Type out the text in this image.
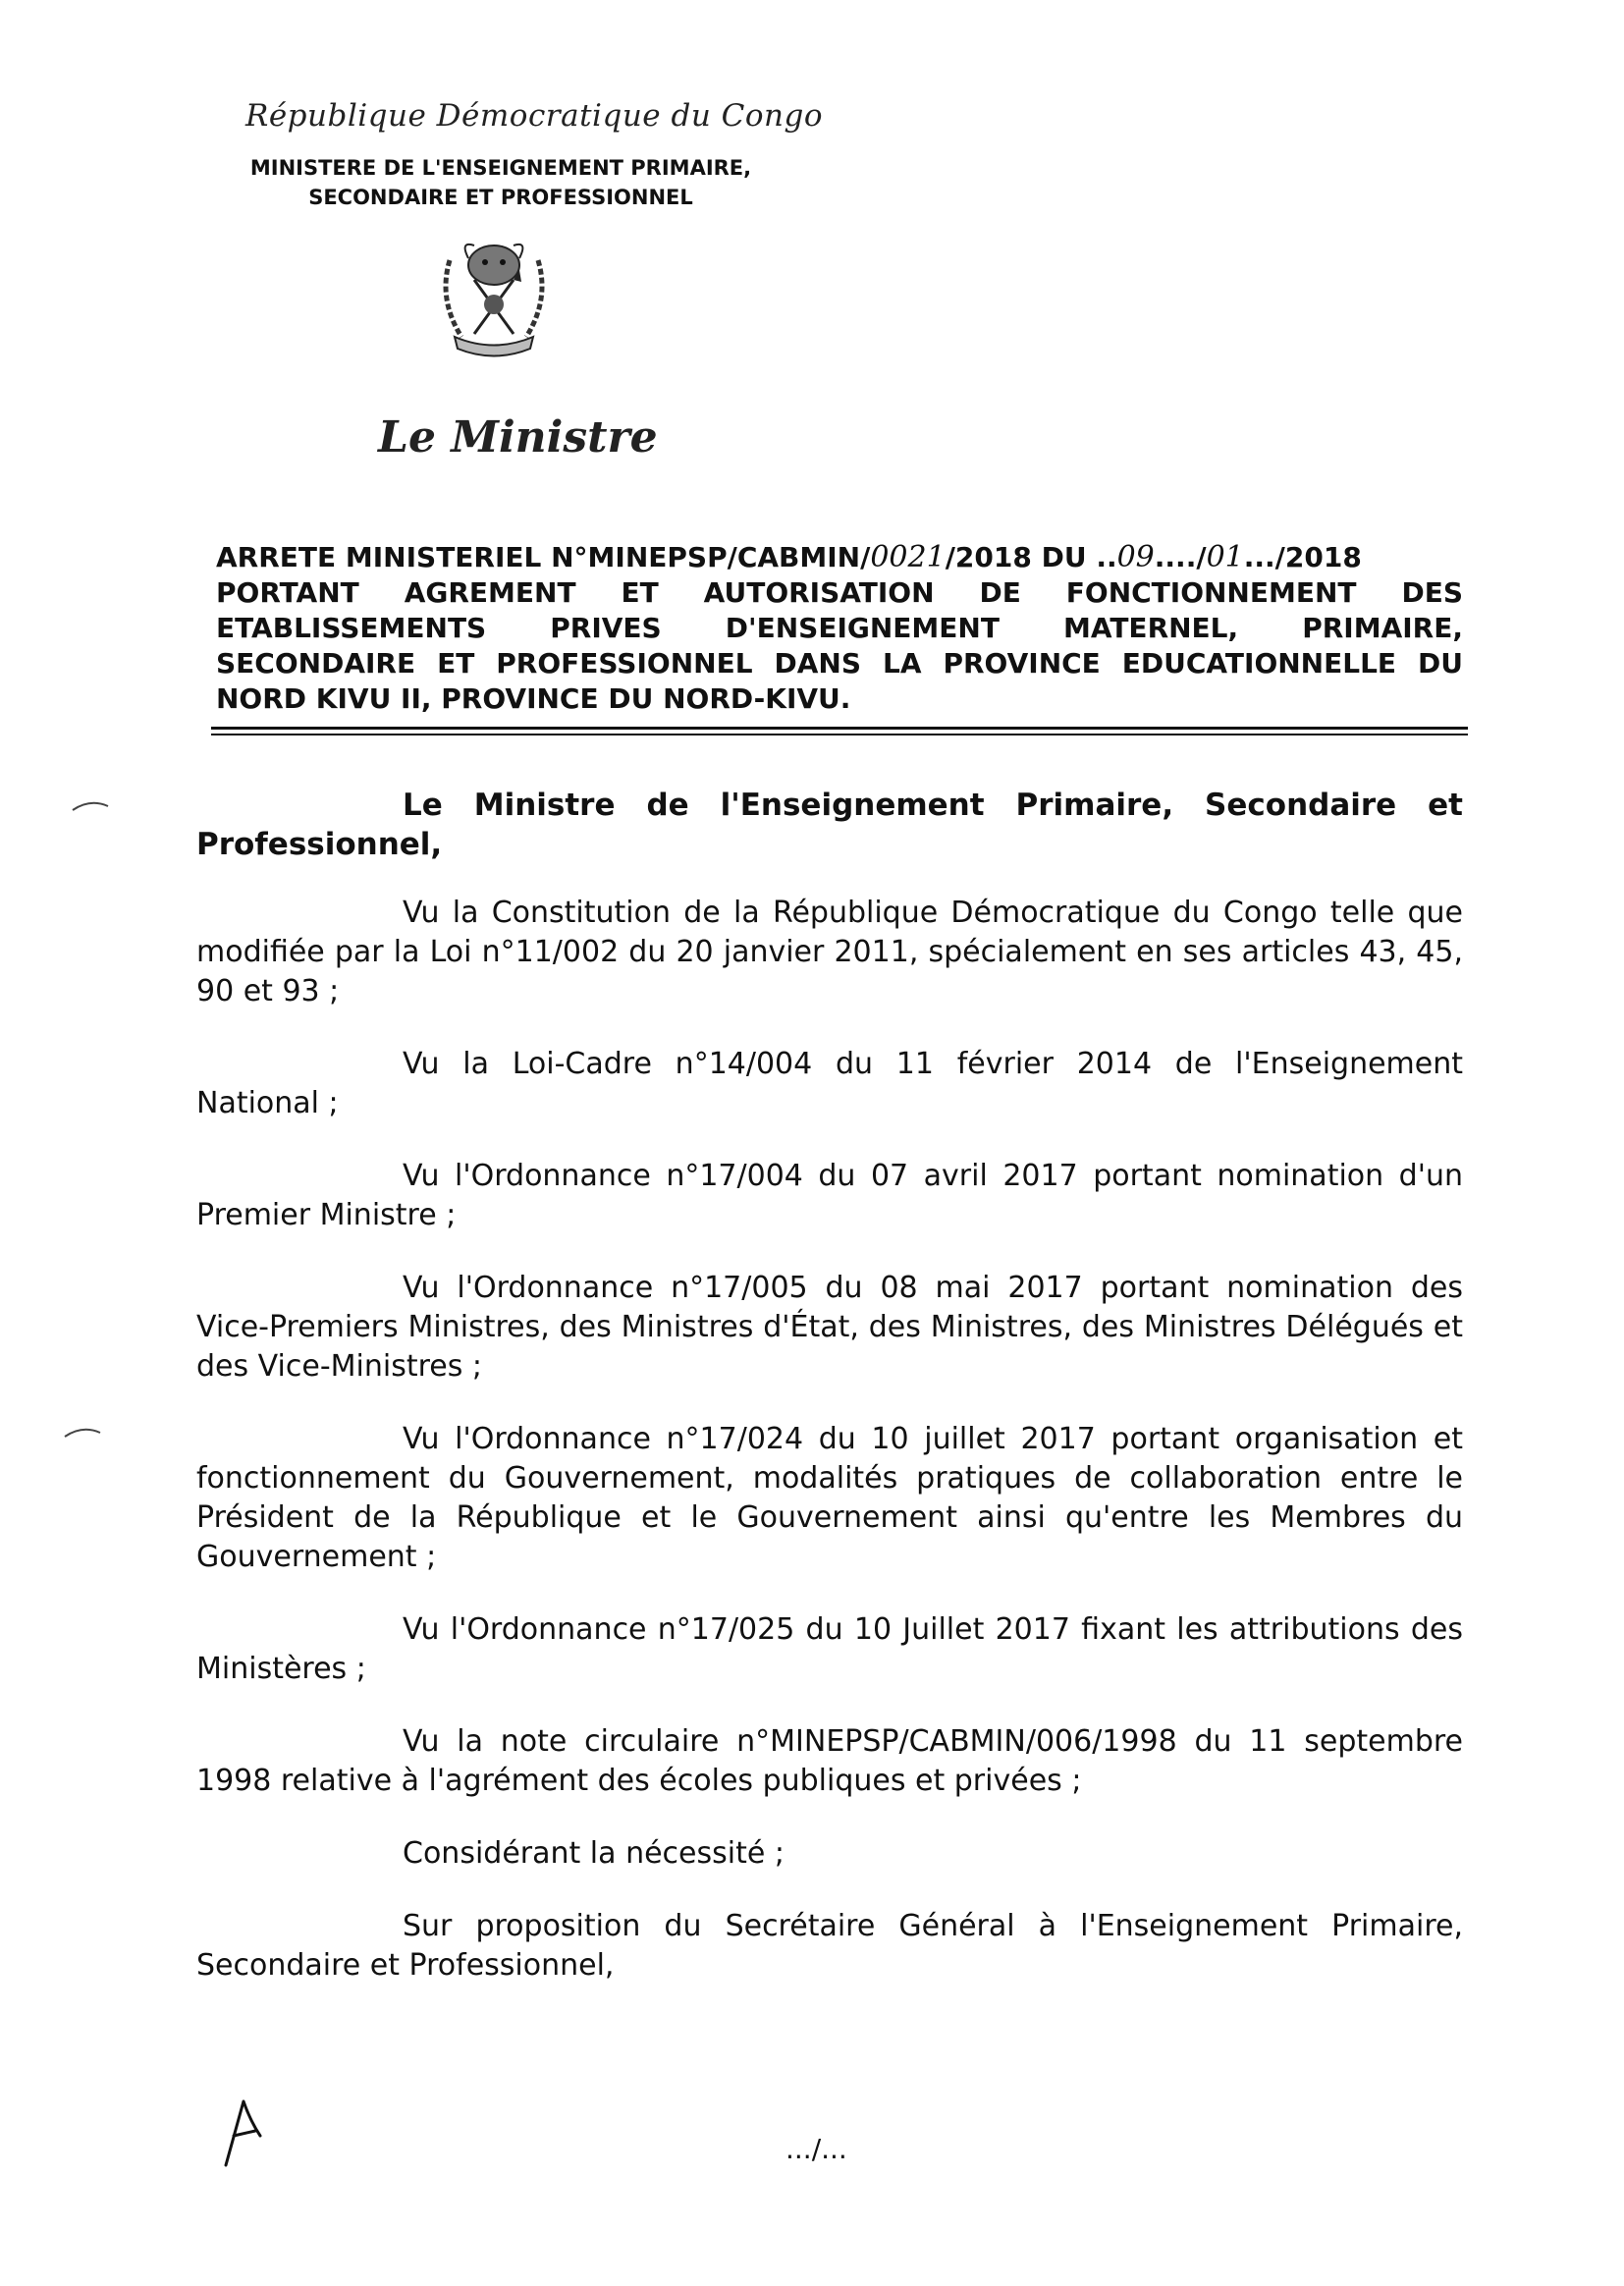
République Démocratique du Congo
MINISTERE DE L'ENSEIGNEMENT PRIMAIRE,
SECONDAIRE ET PROFESSIONNEL
Le Ministre
ARRETE MINISTERIEL N°MINEPSP/CABMIN/0021/2018 DU ..09..../01.../2018
PORTANT AGREMENT ET AUTORISATION DE FONCTIONNEMENT DES
ETABLISSEMENTS PRIVES D'ENSEIGNEMENT MATERNEL, PRIMAIRE,
SECONDAIRE ET PROFESSIONNEL DANS LA PROVINCE EDUCATIONNELLE DU
NORD KIVU II, PROVINCE DU NORD-KIVU.

Le Ministre de l'Enseignement Primaire, Secondaire et Professionnel,

Vu la Constitution de la République Démocratique du Congo telle que modifiée par la Loi n°11/002 du 20 janvier 2011, spécialement en ses articles 43, 45, 90 et 93 ;

Vu la Loi-Cadre n°14/004 du 11 février 2014 de l'Enseignement National ;

Vu l'Ordonnance n°17/004 du 07 avril 2017 portant nomination d'un Premier Ministre ;

Vu l'Ordonnance n°17/005 du 08 mai 2017 portant nomination des Vice-Premiers Ministres, des Ministres d'État, des Ministres, des Ministres Délégués et des Vice-Ministres ;

Vu l'Ordonnance n°17/024 du 10 juillet 2017 portant organisation et fonctionnement du Gouvernement, modalités pratiques de collaboration entre le Président de la République et le Gouvernement ainsi qu'entre les Membres du Gouvernement ;

Vu l'Ordonnance n°17/025 du 10 Juillet 2017 fixant les attributions des Ministères ;

Vu la note circulaire n°MINEPSP/CABMIN/006/1998 du 11 septembre 1998 relative à l'agrément des écoles publiques et privées ;

Considérant la nécessité ;

Sur proposition du Secrétaire Général à l'Enseignement Primaire, Secondaire et Professionnel,

.../...
